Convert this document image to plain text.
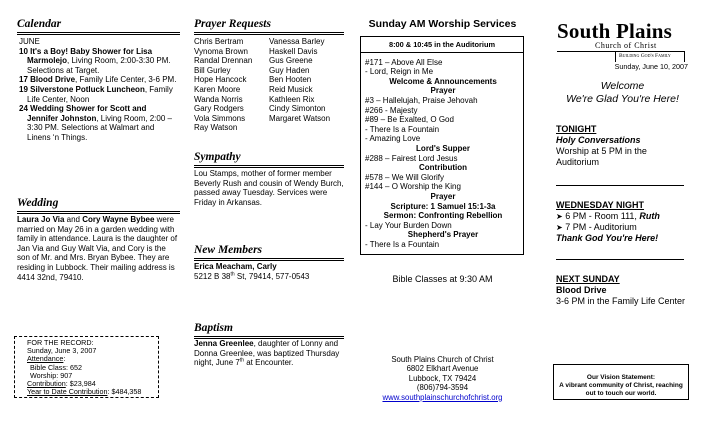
Calendar
JUNE
10 It's a Boy! Baby Shower for Lisa Marmolejo, Living Room, 2:00-3:30 PM. Selections at Target.
17 Blood Drive, Family Life Center, 3-6 PM.
19 Silverstone Potluck Luncheon, Family Life Center, Noon
24 Wedding Shower for Scott and Jennifer Johnston, Living Room, 2:00 – 3:30 PM. Selections at Walmart and Linens ‘n Things.
Wedding
Laura Jo Via and Cory Wayne Bybee were married on May 26 in a garden wedding with family in attendance. Laura is the daughter of Jan Via and Guy Walt Via, and Cory is the son of Mr. and Mrs. Bryan Bybee. They are residing in Lubbock. Their mailing address is 4414 32nd, 79410.
FOR THE RECORD:
Sunday, June 3, 2007
Attendance:
Bible Class: 652
Worship: 907
Contribution: $23,984
Year to Date Contribution: $484,358
Prayer Requests
Chris Bertram	Vanessa Barley
Vynoma Brown	Haskell Davis
Randal Drennan	Gus Greene
Bill Gurley	Guy Haden
Hope Hancock	Ben Hooten
Karen Moore	Reid Musick
Wanda Norris	Kathleen Rix
Gary Rodgers	Cindy Simonton
Vola Simmons	Margaret Watson
Ray Watson
Sympathy
Lou Stamps, mother of former member Beverly Rush and cousin of Wendy Burch, passed away Tuesday. Services were Friday in Arkansas.
New Members
Erica Meacham, Carly
5212 B 38th St, 79414, 577-0543
Baptism
Jenna Greenlee, daughter of Lonny and Donna Greenlee, was baptized Thursday night, June 7th at Encounter.
Sunday AM Worship Services
8:00 & 10:45 in the Auditorium
#171 – Above All Else
- Lord, Reign in Me
Welcome & Announcements
Prayer
#3 – Hallelujah, Praise Jehovah
#266 - Majesty
#89 – Be Exalted, O God
- There Is a Fountain
- Amazing Love
Lord's Supper
#288 – Fairest Lord Jesus
Contribution
#578 – We Will Glorify
#144 – O Worship the King
Prayer
Scripture: 1 Samuel 15:1-3a
Sermon: Confronting Rebellion
- Lay Your Burden Down
Shepherd's Prayer
- There Is a Fountain
Bible Classes at 9:30 AM
South Plains Church of Christ
6802 Elkhart Avenue
Lubbock, TX 79424
(806)794-3594
www.southplainschurchofchrist.org
South Plains
Church of Christ
Building God's Family
Sunday, June 10, 2007
Welcome
We're Glad You're Here!
TONIGHT
Holy Conversations
Worship at 5 PM in the Auditorium
WEDNESDAY NIGHT
➤ 6 PM - Room 111, Ruth
➤ 7 PM - Auditorium
Thank God You're Here!
NEXT SUNDAY
Blood Drive
3-6 PM in the Family Life Center
Our Vision Statement:
A vibrant community of Christ, reaching out to touch our world.
